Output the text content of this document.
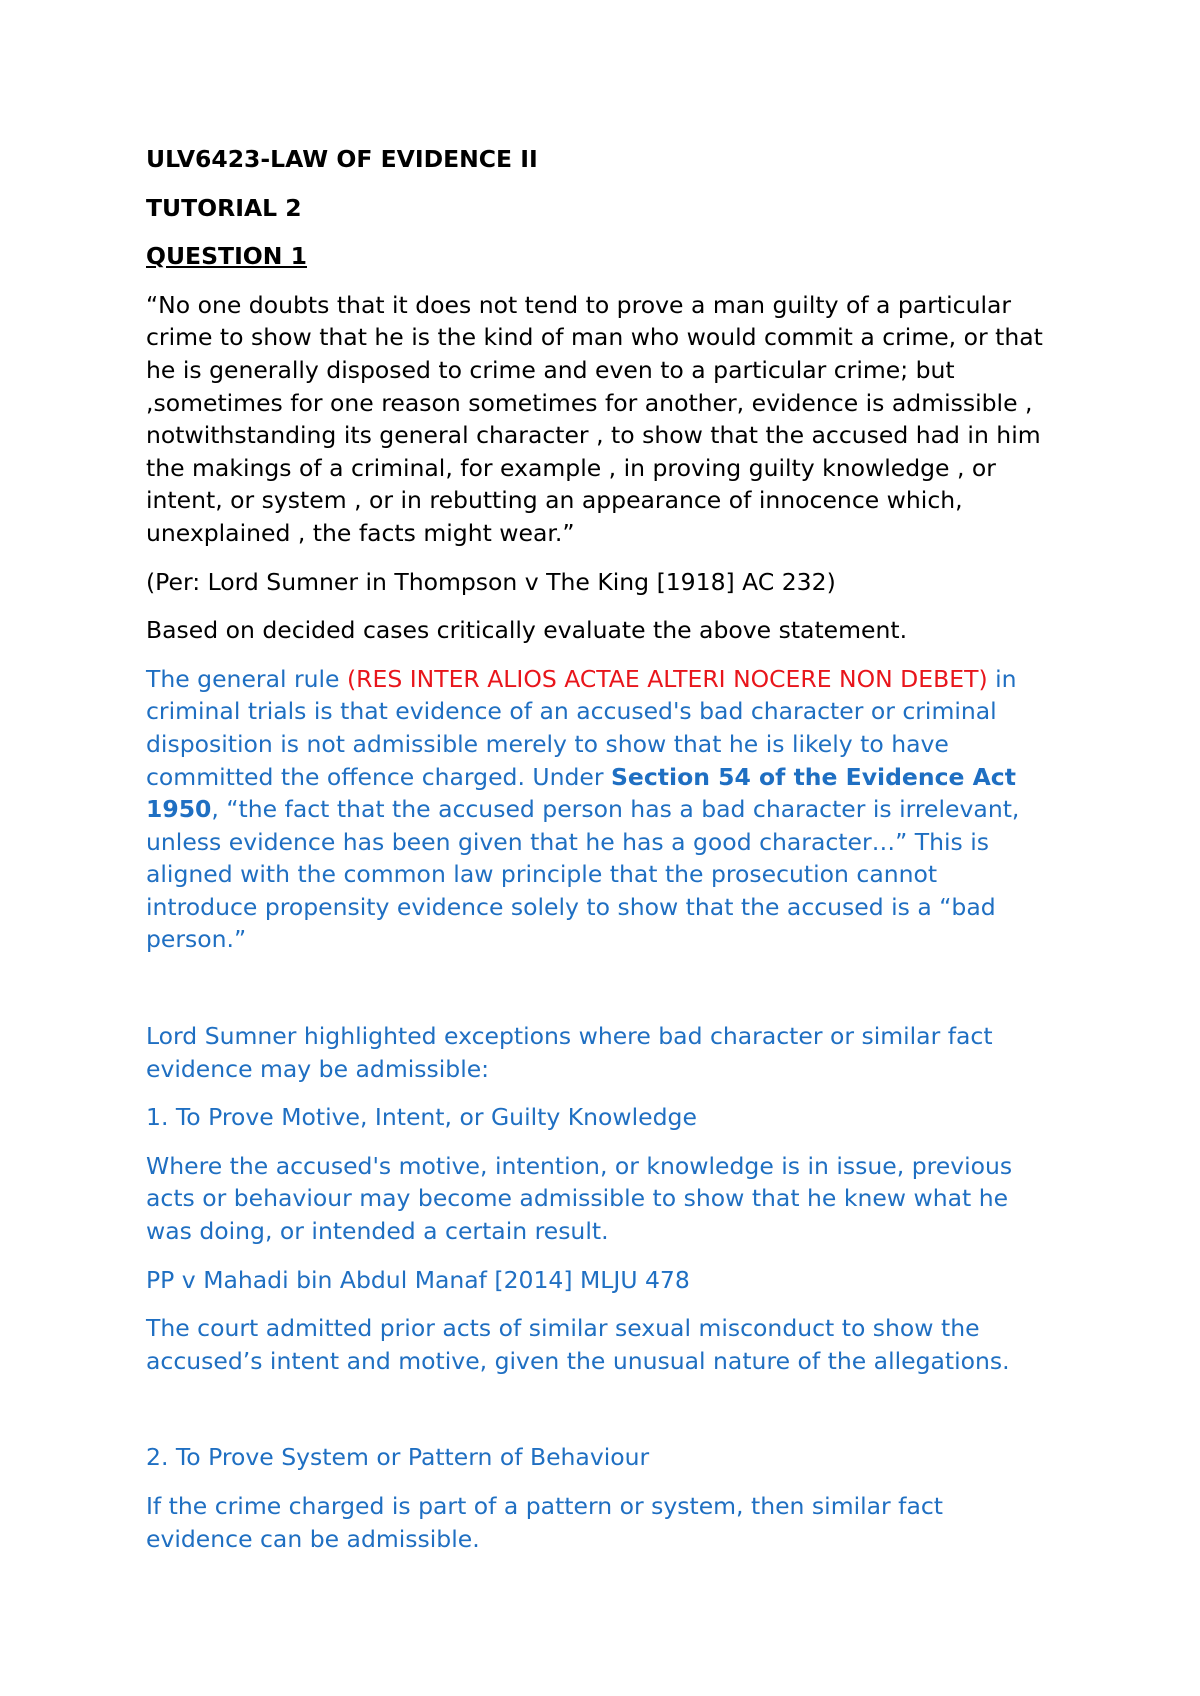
ULV6423-LAW OF EVIDENCE II

TUTORIAL 2

QUESTION 1

“No one doubts that it does not tend to prove a man guilty of a particular crime to show that he is the kind of man who would commit a crime, or that he is generally disposed to crime and even to a particular crime; but ,sometimes for one reason sometimes for another, evidence is admissible , notwithstanding its general character , to show that the accused had in him the makings of a criminal, for example , in proving guilty knowledge , or intent, or system , or in rebutting an appearance of innocence which, unexplained , the facts might wear.”

(Per: Lord Sumner in Thompson v The King [1918] AC 232)

Based on decided cases critically evaluate the above statement.

The general rule (RES INTER ALIOS ACTAE ALTERI NOCERE NON DEBET) in criminal trials is that evidence of an accused's bad character or criminal disposition is not admissible merely to show that he is likely to have committed the offence charged. Under Section 54 of the Evidence Act 1950, “the fact that the accused person has a bad character is irrelevant, unless evidence has been given that he has a good character…” This is aligned with the common law principle that the prosecution cannot introduce propensity evidence solely to show that the accused is a “bad person.”

Lord Sumner highlighted exceptions where bad character or similar fact evidence may be admissible:

1. To Prove Motive, Intent, or Guilty Knowledge

Where the accused's motive, intention, or knowledge is in issue, previous acts or behaviour may become admissible to show that he knew what he was doing, or intended a certain result.

PP v Mahadi bin Abdul Manaf [2014] MLJU 478

The court admitted prior acts of similar sexual misconduct to show the accused’s intent and motive, given the unusual nature of the allegations.

2. To Prove System or Pattern of Behaviour

If the crime charged is part of a pattern or system, then similar fact evidence can be admissible.
